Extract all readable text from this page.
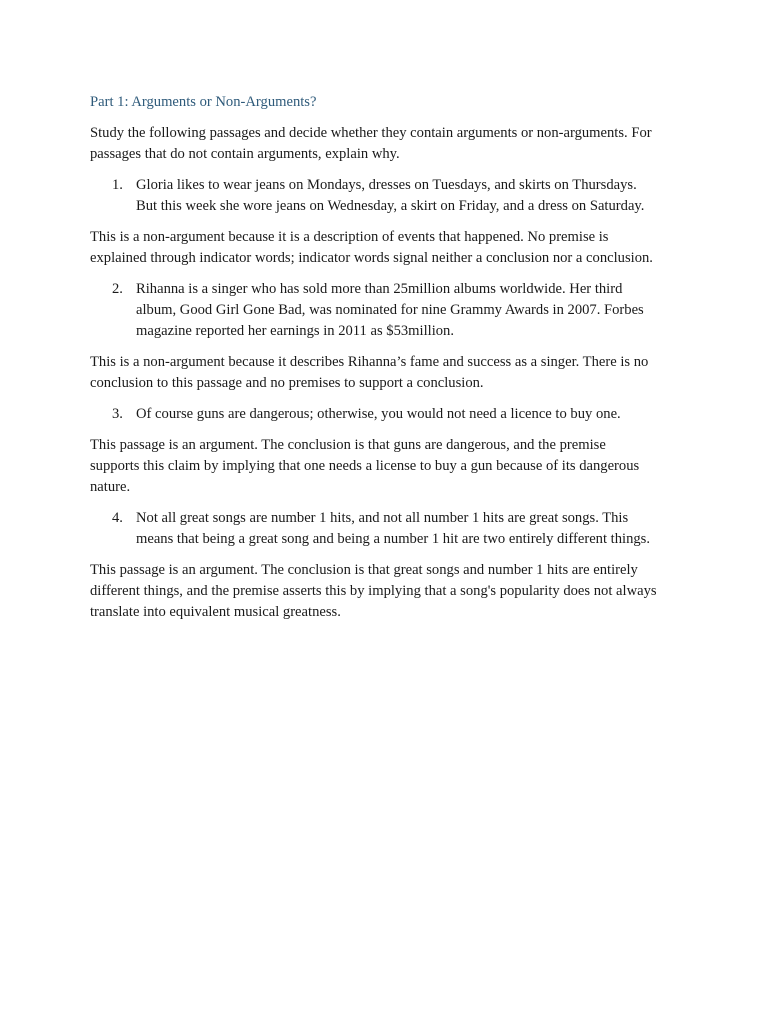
Part 1: Arguments or Non-Arguments?

Study the following passages and decide whether they contain arguments or non-arguments. For
passages that do not contain arguments, explain why.

1. Gloria likes to wear jeans on Mondays, dresses on Tuesdays, and skirts on Thursdays.
But this week she wore jeans on Wednesday, a skirt on Friday, and a dress on Saturday.

This is a non-argument because it is a description of events that happened. No premise is
explained through indicator words; indicator words signal neither a conclusion nor a conclusion.

2. Rihanna is a singer who has sold more than 25million albums worldwide. Her third
album, Good Girl Gone Bad, was nominated for nine Grammy Awards in 2007. Forbes
magazine reported her earnings in 2011 as $53million.

This is a non-argument because it describes Rihanna’s fame and success as a singer. There is no
conclusion to this passage and no premises to support a conclusion.

3. Of course guns are dangerous; otherwise, you would not need a licence to buy one.

This passage is an argument. The conclusion is that guns are dangerous, and the premise
supports this claim by implying that one needs a license to buy a gun because of its dangerous
nature.

4. Not all great songs are number 1 hits, and not all number 1 hits are great songs. This
means that being a great song and being a number 1 hit are two entirely different things.

This passage is an argument. The conclusion is that great songs and number 1 hits are entirely
different things, and the premise asserts this by implying that a song's popularity does not always
translate into equivalent musical greatness.
